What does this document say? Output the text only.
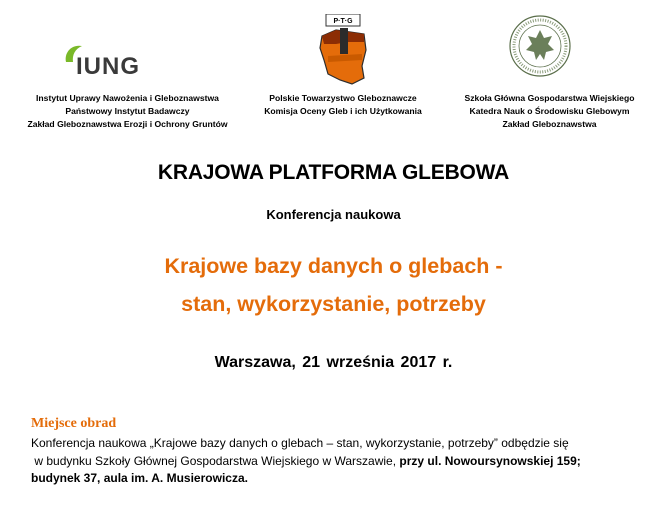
IUNG
P·T·G
Instytut Uprawy Nawożenia i Gleboznawstwa
Państwowy Instytut Badawczy
Zakład Gleboznawstwa Erozji i Ochrony Gruntów
Polskie Towarzystwo Gleboznawcze
Komisja Oceny Gleb i ich Użytkowania
Szkoła Główna Gospodarstwa Wiejskiego
Katedra Nauk o Środowisku Glebowym
Zakład Gleboznawstwa
KRAJOWA PLATFORMA GLEBOWA
Konferencja naukowa
Krajowe bazy danych o glebach -
stan, wykorzystanie, potrzeby
Warszawa, 21 września 2017 r.
Miejsce obrad
Konferencja naukowa „Krajowe bazy danych o glebach – stan, wykorzystanie, potrzeby” odbędzie się
w budynku Szkoły Głównej Gospodarstwa Wiejskiego w Warszawie, przy ul. Nowoursynowskiej 159;
budynek 37, aula im. A. Musierowicza.
